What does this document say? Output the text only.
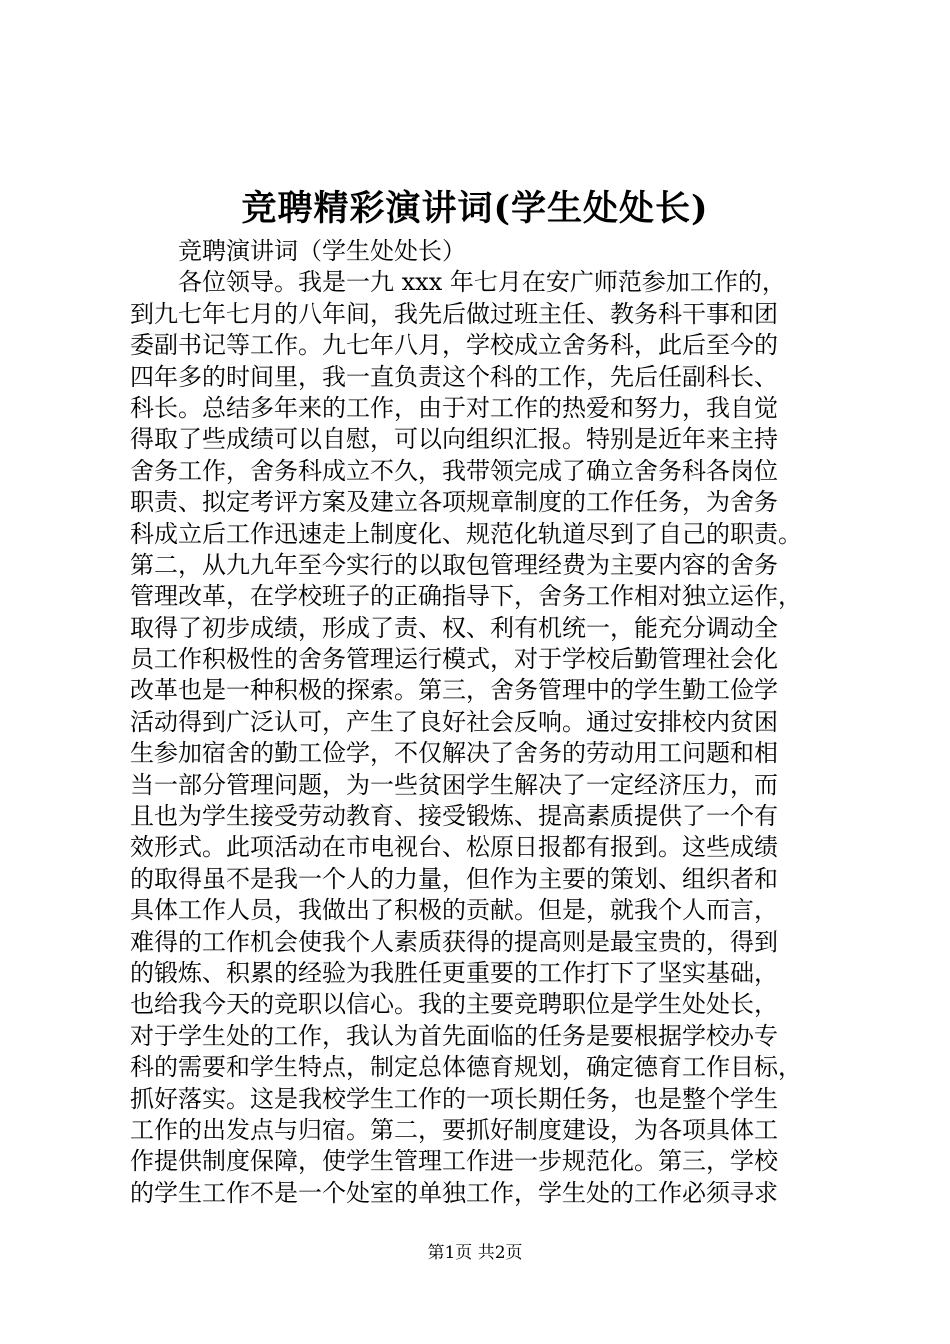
竞聘精彩演讲词(学生处处长)
竞聘演讲词（学生处处长）
各位领导。我是一九 xxx 年七月在安广师范参加工作的，
到九七年七月的八年间，我先后做过班主任、教务科干事和团
委副书记等工作。九七年八月，学校成立舍务科，此后至今的
四年多的时间里，我一直负责这个科的工作，先后任副科长、
科长。总结多年来的工作，由于对工作的热爱和努力，我自觉
得取了些成绩可以自慰，可以向组织汇报。特别是近年来主持
舍务工作，舍务科成立不久，我带领完成了确立舍务科各岗位
职责、拟定考评方案及建立各项规章制度的工作任务，为舍务
科成立后工作迅速走上制度化、规范化轨道尽到了自己的职责。
第二，从九九年至今实行的以取包管理经费为主要内容的舍务
管理改革，在学校班子的正确指导下，舍务工作相对独立运作，
取得了初步成绩，形成了责、权、利有机统一，能充分调动全
员工作积极性的舍务管理运行模式，对于学校后勤管理社会化
改革也是一种积极的探索。第三，舍务管理中的学生勤工俭学
活动得到广泛认可，产生了良好社会反响。通过安排校内贫困
生参加宿舍的勤工俭学，不仅解决了舍务的劳动用工问题和相
当一部分管理问题，为一些贫困学生解决了一定经济压力，而
且也为学生接受劳动教育、接受锻炼、提高素质提供了一个有
效形式。此项活动在市电视台、松原日报都有报到。这些成绩
的取得虽不是我一个人的力量，但作为主要的策划、组织者和
具体工作人员，我做出了积极的贡献。但是，就我个人而言，
难得的工作机会使我个人素质获得的提高则是最宝贵的，得到
的锻炼、积累的经验为我胜任更重要的工作打下了坚实基础，
也给我今天的竞职以信心。我的主要竞聘职位是学生处处长，
对于学生处的工作，我认为首先面临的任务是要根据学校办专
科的需要和学生特点，制定总体德育规划，确定德育工作目标，
抓好落实。这是我校学生工作的一项长期任务，也是整个学生
工作的出发点与归宿。第二，要抓好制度建设，为各项具体工
作提供制度保障，使学生管理工作进一步规范化。第三，学校
的学生工作不是一个处室的单独工作，学生处的工作必须寻求
第1页 共2页
